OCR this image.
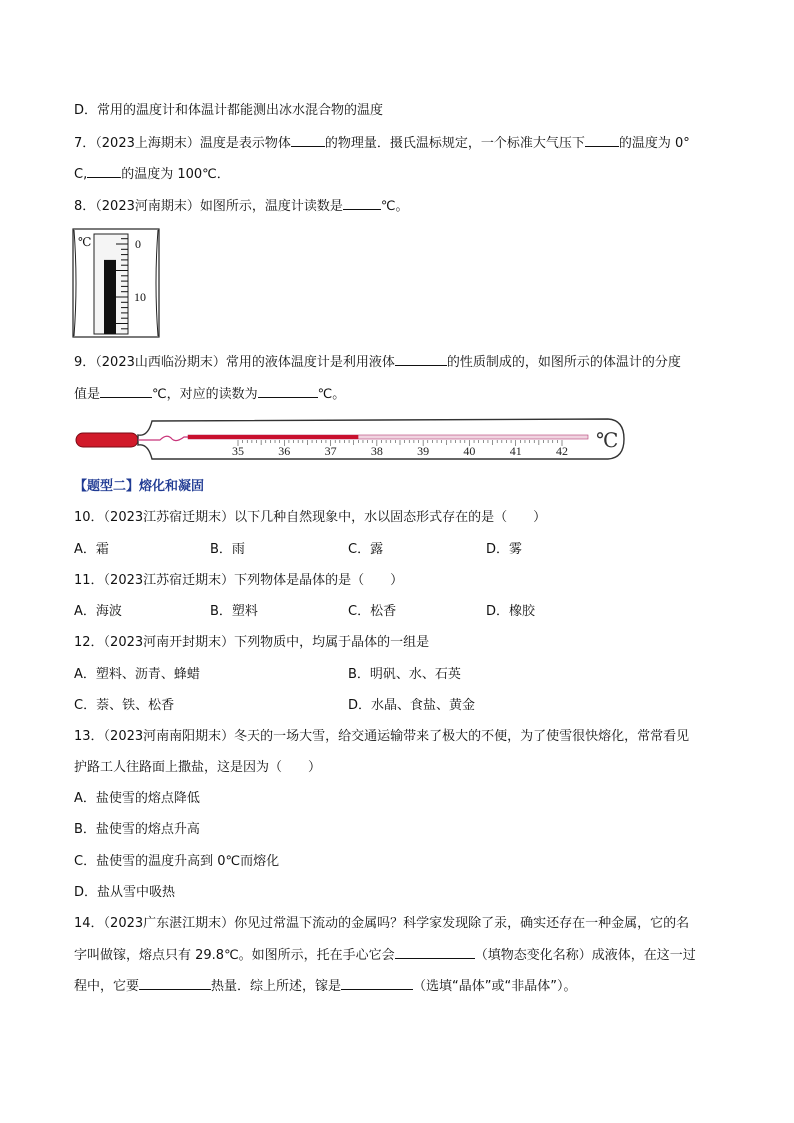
D．常用的温度计和体温计都能测出冰水混合物的温度
7．（2023上海期末）温度是表示物体	的物理量．摄氏温标规定，一个标准大气压下	的温度为 0°
C,	的温度为 100℃．
8．（2023河南期末）如图所示，温度计读数是	℃。
℃	0
10
9．（2023山西临汾期末）常用的液体温度计是利用液体	的性质制成的，如图所示的体温计的分度
值是	℃，对应的读数为	℃。
35	36	37	38	39	40	41	42 ℃
【题型二】熔化和凝固
10．（2023江苏宿迁期末）以下几种自然现象中，水以固态形式存在的是（　　）
A．霜	B．雨	C．露	D．雾
11．（2023江苏宿迁期末）下列物体是晶体的是（　　）
A．海波	B．塑料	C．松香	D．橡胶
12．（2023河南开封期末）下列物质中，均属于晶体的一组是
A．塑料、沥青、蜂蜡	B．明矾、水、石英
C．萘、铁、松香	D．水晶、食盐、黄金
13．（2023河南南阳期末）冬天的一场大雪，给交通运输带来了极大的不便，为了使雪很快熔化，常常看见
护路工人往路面上撒盐，这是因为（　　）
A．盐使雪的熔点降低
B．盐使雪的熔点升高
C．盐使雪的温度升高到 0℃而熔化
D．盐从雪中吸热
14．（2023广东湛江期末）你见过常温下流动的金属吗？科学家发现除了汞，确实还存在一种金属，它的名
字叫做镓，熔点只有 29.8℃。如图所示，托在手心它会	（填物态变化名称）成液体，在这一过
程中，它要	热量．综上所述，镓是	（选填“晶体”或“非晶体”）。
